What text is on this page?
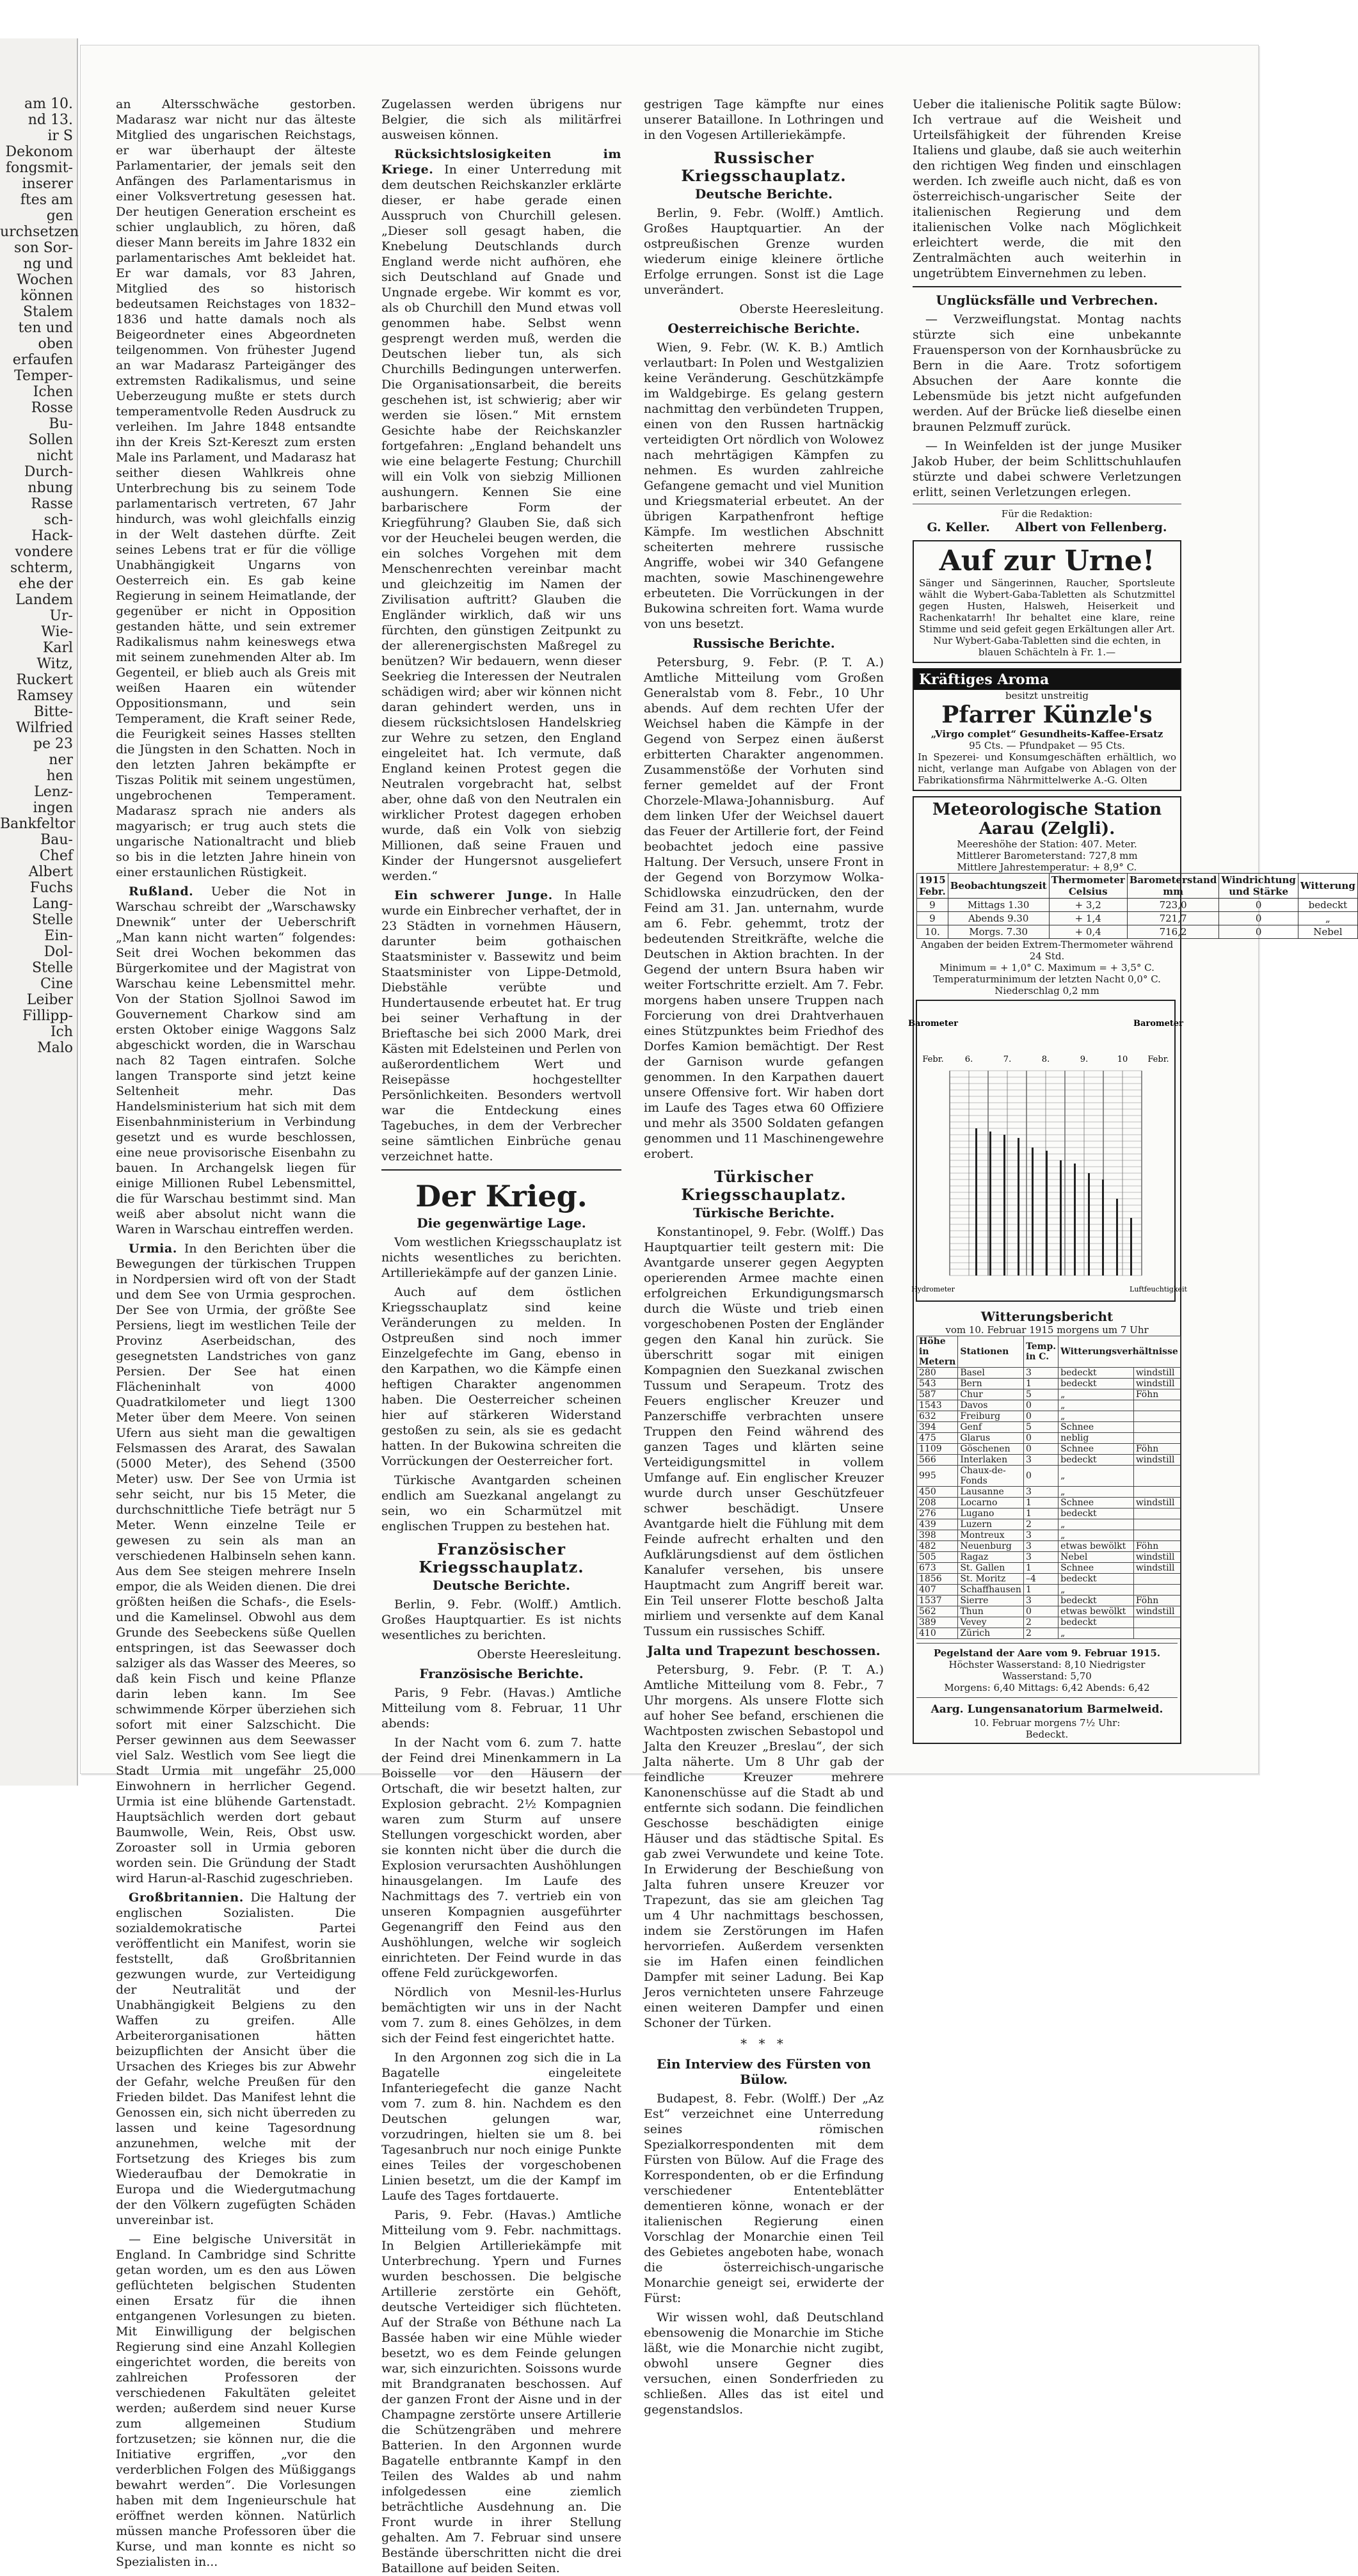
am 10.
nd 13.
ir S
Dekonom
fongsmit-
inserer
ftes am
gen
urchsetzen
son Sor-
ng und
Wochen
können
Stalem
ten und
oben
erfaufen
Temper-
Ichen
Rosse
Bu-
Sollen
nicht
Durch-
nbung
Rasse
sch-
Hack-
vondere
schterm,
ehe der
Landem
Ur-
Wie-
Karl
Witz,
Ruckert
Ramsey
Bitte-
Wilfried
pe 23
ner
hen
Lenz-
ingen
Bankfeltor
Bau-
Chef
Albert
Fuchs
Lang-
Stelle
Ein-
Dol-
Stelle
Cine
Leiber
Fillipp-
Ich
Malo

an Altersschwäche gestorben. Madarasz war nicht nur das älteste Mitglied des ungarischen Reichstags, er war überhaupt der älteste Parlamentarier, der jemals seit den Anfängen des Parlamentarismus in einer Volksvertretung gesessen hat. Der heutigen Generation erscheint es schier unglaublich, zu hören, daß dieser Mann bereits im Jahre 1832 ein parlamentarisches Amt bekleidet hat. Er war damals, vor 83 Jahren, Mitglied des so historisch bedeutsamen Reichstages von 1832–1836 und hatte damals noch als Beigeordneter eines Abgeordneten teilgenommen. Von frühester Jugend an war Madarasz Parteigänger des extremsten Radikalismus, und seine Ueberzeugung mußte er stets durch temperamentvolle Reden Ausdruck zu verleihen. Im Jahre 1848 entsandte ihn der Kreis Szt-Kereszt zum ersten Male ins Parlament, und Madarasz hat seither diesen Wahlkreis ohne Unterbrechung bis zu seinem Tode parlamentarisch vertreten, 67 Jahr hindurch, was wohl gleichfalls einzig in der Welt dastehen dürfte. Zeit seines Lebens trat er für die völlige Unabhängigkeit Ungarns von Oesterreich ein. Es gab keine Regierung in seinem Heimatlande, der gegenüber er nicht in Opposition gestanden hätte, und sein extremer Radikalismus nahm keineswegs etwa mit seinem zunehmenden Alter ab. Im Gegenteil, er blieb auch als Greis mit weißen Haaren ein wütender Oppositionsmann, und sein Temperament, die Kraft seiner Rede, die Feurigkeit seines Hasses stellten die Jüngsten in den Schatten. Noch in den letzten Jahren bekämpfte er Tiszas Politik mit seinem ungestümen, ungebrochenen Temperament. Madarasz sprach nie anders als magyarisch; er trug auch stets die ungarische Nationaltracht und blieb so bis in die letzten Jahre hinein von einer erstaunlichen Rüstigkeit.

Rußland. Ueber die Not in Warschau schreibt der „Warschawsky Dnewnik“ unter der Ueberschrift „Man kann nicht warten“ folgendes: Seit drei Wochen bekommen das Bürgerkomitee und der Magistrat von Warschau keine Lebensmittel mehr. Von der Station Sjollnoi Sawod im Gouvernement Charkow sind am ersten Oktober einige Waggons Salz abgeschickt worden, die in Warschau nach 82 Tagen eintrafen. Solche langen Transporte sind jetzt keine Seltenheit mehr. Das Handelsministerium hat sich mit dem Eisenbahnministerium in Verbindung gesetzt und es wurde beschlossen, eine neue provisorische Eisenbahn zu bauen. In Archangelsk liegen für einige Millionen Rubel Lebensmittel, die für Warschau bestimmt sind. Man weiß aber absolut nicht wann die Waren in Warschau eintreffen werden.

Urmia. In den Berichten über die Bewegungen der türkischen Truppen in Nordpersien wird oft von der Stadt und dem See von Urmia gesprochen. Der See von Urmia, der größte See Persiens, liegt im westlichen Teile der Provinz Aserbeidschan, des gesegnetsten Landstriches von ganz Persien. Der See hat einen Flächeninhalt von 4000 Quadratkilometer und liegt 1300 Meter über dem Meere. Von seinen Ufern aus sieht man die gewaltigen Felsmassen des Ararat, des Sawalan (5000 Meter), des Sehend (3500 Meter) usw. Der See von Urmia ist sehr seicht, nur bis 15 Meter, die durchschnittliche Tiefe beträgt nur 5 Meter. Wenn einzelne Teile er gewesen zu sein als man an verschiedenen Halbinseln sehen kann. Aus dem See steigen mehrere Inseln empor, die als Weiden dienen. Die drei größten heißen die Schafs-, die Esels- und die Kamelinsel. Obwohl aus dem Grunde des Seebeckens süße Quellen entspringen, ist das Seewasser doch salziger als das Wasser des Meeres, so daß kein Fisch und keine Pflanze darin leben kann. Im See schwimmende Körper überziehen sich sofort mit einer Salzschicht. Die Perser gewinnen aus dem Seewasser viel Salz. Westlich vom See liegt die Stadt Urmia mit ungefähr 25,000 Einwohnern in herrlicher Gegend. Urmia ist eine blühende Gartenstadt. Hauptsächlich werden dort gebaut Baumwolle, Wein, Reis, Obst usw. Zoroaster soll in Urmia geboren worden sein. Die Gründung der Stadt wird Harun-al-Raschid zugeschrieben.

Großbritannien. Die Haltung der englischen Sozialisten. Die sozialdemokratische Partei veröffentlicht ein Manifest, worin sie feststellt, daß Großbritannien gezwungen wurde, zur Verteidigung der Neutralität und der Unabhängigkeit Belgiens zu den Waffen zu greifen. Alle Arbeiterorganisationen hätten beizupflichten der Ansicht über die Ursachen des Krieges bis zur Abwehr der Gefahr, welche Preußen für den Frieden bildet. Das Manifest lehnt die Genossen ein, sich nicht überreden zu lassen und keine Tagesordnung anzunehmen, welche mit der Fortsetzung des Krieges bis zum Wiederaufbau der Demokratie in Europa und die Wiedergutmachung der den Völkern zugefügten Schäden unvereinbar ist.

— Eine belgische Universität in England. In Cambridge sind Schritte getan worden, um es den aus Löwen geflüchteten belgischen Studenten einen Ersatz für die ihnen entgangenen Vorlesungen zu bieten. Mit Einwilligung der belgischen Regierung sind eine Anzahl Kollegien eingerichtet worden, die bereits von zahlreichen Professoren der verschiedenen Fakultäten geleitet werden; außerdem sind neuer Kurse zum allgemeinen Studium fortzusetzen; sie können nur, die die Initiative ergriffen, „vor den verderblichen Folgen des Müßiggangs bewahrt werden“. Die Vorlesungen haben mit dem Ingenieurschule hat eröffnet werden können. Natürlich müssen manche Professoren über die Kurse, und man konnte es nicht so Spezialisten in...

Zugelassen werden übrigens nur Belgier, die sich als militärfrei ausweisen können.

Rücksichtslosigkeiten im Kriege. In einer Unterredung mit dem deutschen Reichskanzler erklärte dieser, er habe gerade einen Ausspruch von Churchill gelesen. „Dieser soll gesagt haben, die Knebelung Deutschlands durch England werde nicht aufhören, ehe sich Deutschland auf Gnade und Ungnade ergebe. Wir kommt es vor, als ob Churchill den Mund etwas voll genommen habe. Selbst wenn gesprengt werden muß, werden die Deutschen lieber tun, als sich Churchills Bedingungen unterwerfen. Die Organisationsarbeit, die bereits geschehen ist, ist schwierig; aber wir werden sie lösen.“ Mit ernstem Gesichte habe der Reichskanzler fortgefahren: „England behandelt uns wie eine belagerte Festung; Churchill will ein Volk von siebzig Millionen aushungern. Kennen Sie eine barbarischere Form der Kriegführung? Glauben Sie, daß sich vor der Heuchelei beugen werden, die ein solches Vorgehen mit dem Menschenrechten vereinbar macht und gleichzeitig im Namen der Zivilisation auftritt? Glauben die Engländer wirklich, daß wir uns fürchten, den günstigen Zeitpunkt zu der allerenergischsten Maßregel zu benützen? Wir bedauern, wenn dieser Seekrieg die Interessen der Neutralen schädigen wird; aber wir können nicht daran gehindert werden, uns in diesem rücksichtslosen Handelskrieg zur Wehre zu setzen, den England eingeleitet hat. Ich vermute, daß England keinen Protest gegen die Neutralen vorgebracht hat, selbst aber, ohne daß von den Neutralen ein wirklicher Protest dagegen erhoben wurde, daß ein Volk von siebzig Millionen, daß seine Frauen und Kinder der Hungersnot ausgeliefert werden.“

Ein schwerer Junge. In Halle wurde ein Einbrecher verhaftet, der in 23 Städten in vornehmen Häusern, darunter beim gothaischen Staatsminister v. Bassewitz und beim Staatsminister von Lippe-Detmold, Diebstähle verübte und Hundertausende erbeutet hat. Er trug bei seiner Verhaftung in der Brieftasche bei sich 2000 Mark, drei Kästen mit Edelsteinen und Perlen von außerordentlichem Wert und Reisepässe hochgestellter Persönlichkeiten. Besonders wertvoll war die Entdeckung eines Tagebuches, in dem der Verbrecher seine sämtlichen Einbrüche genau verzeichnet hatte.

Der Krieg.
Die gegenwärtige Lage.

Vom westlichen Kriegsschauplatz ist nichts wesentliches zu berichten. Artilleriekämpfe auf der ganzen Linie.

Auch auf dem östlichen Kriegsschauplatz sind keine Veränderungen zu melden. In Ostpreußen sind noch immer Einzelgefechte im Gang, ebenso in den Karpathen, wo die Kämpfe einen heftigen Charakter angenommen haben. Die Oesterreicher scheinen hier auf stärkeren Widerstand gestoßen zu sein, als sie es gedacht hatten. In der Bukowina schreiten die Vorrückungen der Oesterreicher fort.

Türkische Avantgarden scheinen endlich am Suezkanal angelangt zu sein, wo ein Scharmützel mit englischen Truppen zu bestehen hat.

Französischer Kriegsschauplatz.
Deutsche Berichte.

Berlin, 9. Febr. (Wolff.) Amtlich. Großes Hauptquartier. Es ist nichts wesentliches zu berichten.

Oberste Heeresleitung.

Französische Berichte.

Paris, 9 Febr. (Havas.) Amtliche Mitteilung vom 8. Februar, 11 Uhr abends:

In der Nacht vom 6. zum 7. hatte der Feind drei Minenkammern in La Boisselle vor den Häusern der Ortschaft, die wir besetzt halten, zur Explosion gebracht. 2½ Kompagnien waren zum Sturm auf unsere Stellungen vorgeschickt worden, aber sie konnten nicht über die durch die Explosion verursachten Aushöhlungen hinausgelangen. Im Laufe des Nachmittags des 7. vertrieb ein von unseren Kompagnien ausgeführter Gegenangriff den Feind aus den Aushöhlungen, welche wir sogleich einrichteten. Der Feind wurde in das offene Feld zurückgeworfen.

Nördlich von Mesnil-les-Hurlus bemächtigten wir uns in der Nacht vom 7. zum 8. eines Gehölzes, in dem sich der Feind fest eingerichtet hatte.

In den Argonnen zog sich die in La Bagatelle eingeleitete Infanteriegefecht die ganze Nacht vom 7. zum 8. hin. Nachdem es den Deutschen gelungen war, vorzudringen, hielten sie um 8. bei Tagesanbruch nur noch einige Punkte eines Teiles der vorgeschobenen Linien besetzt, um die der Kampf im Laufe des Tages fortdauerte.

Paris, 9. Febr. (Havas.) Amtliche Mitteilung vom 9. Febr. nachmittags. In Belgien Artilleriekämpfe mit Unterbrechung. Ypern und Furnes wurden beschossen. Die belgische Artillerie zerstörte ein Gehöft, deutsche Verteidiger sich flüchteten. Auf der Straße von Béthune nach La Bassée haben wir eine Mühle wieder besetzt, wo es dem Feinde gelungen war, sich einzurichten. Soissons wurde mit Brandgranaten beschossen. Auf der ganzen Front der Aisne und in der Champagne zerstörte unsere Artillerie die Schützengräben und mehrere Batterien. In den Argonnen wurde Bagatelle entbrannte Kampf in den Teilen des Waldes ab und nahm infolgedessen eine ziemlich beträchtliche Ausdehnung an. Die Front wurde in ihrer Stellung gehalten. Am 7. Februar sind unsere Bestände überschritten nicht die drei Bataillone auf beiden Seiten.

gestrigen Tage kämpfte nur eines unserer Bataillone. In Lothringen und in den Vogesen Artilleriekämpfe.

Russischer Kriegsschauplatz.
Deutsche Berichte.

Berlin, 9. Febr. (Wolff.) Amtlich. Großes Hauptquartier. An der ostpreußischen Grenze wurden wiederum einige kleinere örtliche Erfolge errungen. Sonst ist die Lage unverändert.

Oberste Heeresleitung.

Oesterreichische Berichte.

Wien, 9. Febr. (W. K. B.) Amtlich verlautbart: In Polen und Westgalizien keine Veränderung. Geschützkämpfe im Waldgebirge. Es gelang gestern nachmittag den verbündeten Truppen, einen von den Russen hartnäckig verteidigten Ort nördlich von Wolowez nach mehrtägigen Kämpfen zu nehmen. Es wurden zahlreiche Gefangene gemacht und viel Munition und Kriegsmaterial erbeutet. An der übrigen Karpathenfront heftige Kämpfe. Im westlichen Abschnitt scheiterten mehrere russische Angriffe, wobei wir 340 Gefangene machten, sowie Maschinengewehre erbeuteten. Die Vorrückungen in der Bukowina schreiten fort. Wama wurde von uns besetzt.

Russische Berichte.

Petersburg, 9. Febr. (P. T. A.) Amtliche Mitteilung vom Großen Generalstab vom 8. Febr., 10 Uhr abends. Auf dem rechten Ufer der Weichsel haben die Kämpfe in der Gegend von Serpez einen äußerst erbitterten Charakter angenommen. Zusammenstöße der Vorhuten sind ferner gemeldet auf der Front Chorzele-Mlawa-Johannisburg. Auf dem linken Ufer der Weichsel dauert das Feuer der Artillerie fort, der Feind beobachtet jedoch eine passive Haltung. Der Versuch, unsere Front in der Gegend von Borzymow Wolka-Schidlowska einzudrücken, den der Feind am 31. Jan. unternahm, wurde am 6. Febr. gehemmt, trotz der bedeutenden Streitkräfte, welche die Deutschen in Aktion brachten. In der Gegend der untern Bsura haben wir weiter Fortschritte erzielt. Am 7. Febr. morgens haben unsere Truppen nach Forcierung von drei Drahtverhauen eines Stützpunktes beim Friedhof des Dorfes Kamion bemächtigt. Der Rest der Garnison wurde gefangen genommen. In den Karpathen dauert unsere Offensive fort. Wir haben dort im Laufe des Tages etwa 60 Offiziere und mehr als 3500 Soldaten gefangen genommen und 11 Maschinengewehre erobert.

Türkischer Kriegsschauplatz.
Türkische Berichte.

Konstantinopel, 9. Febr. (Wolff.) Das Hauptquartier teilt gestern mit: Die Avantgarde unserer gegen Aegypten operierenden Armee machte einen erfolgreichen Erkundigungsmarsch durch die Wüste und trieb einen vorgeschobenen Posten der Engländer gegen den Kanal hin zurück. Sie überschritt sogar mit einigen Kompagnien den Suezkanal zwischen Tussum und Serapeum. Trotz des Feuers englischer Kreuzer und Panzerschiffe verbrachten unsere Truppen den Feind während des ganzen Tages und klärten seine Verteidigungsmittel in vollem Umfange auf. Ein englischer Kreuzer wurde durch unser Geschützfeuer schwer beschädigt. Unsere Avantgarde hielt die Fühlung mit dem Feinde aufrecht erhalten und den Aufklärungsdienst auf dem östlichen Kanalufer versehen, bis unsere Hauptmacht zum Angriff bereit war. Ein Teil unserer Flotte beschoß Jalta mirliem und versenkte auf dem Kanal Tussum ein russisches Schiff.

Jalta und Trapezunt beschossen.

Petersburg, 9. Febr. (P. T. A.) Amtliche Mitteilung vom 8. Febr., 7 Uhr morgens. Als unsere Flotte sich auf hoher See befand, erschienen die Wachtposten zwischen Sebastopol und Jalta den Kreuzer „Breslau“, der sich Jalta näherte. Um 8 Uhr gab der feindliche Kreuzer mehrere Kanonenschüsse auf die Stadt ab und entfernte sich sodann. Die feindlichen Geschosse beschädigten einige Häuser und das städtische Spital. Es gab zwei Verwundete und keine Tote. In Erwiderung der Beschießung von Jalta fuhren unsere Kreuzer vor Trapezunt, das sie am gleichen Tag um 4 Uhr nachmittags beschossen, indem sie Zerstörungen im Hafen hervorriefen. Außerdem versenkten sie im Hafen einen feindlichen Dampfer mit seiner Ladung. Bei Kap Jeros vernichteten unsere Fahrzeuge einen weiteren Dampfer und einen Schoner der Türken.

* * *
Ein Interview des Fürsten von Bülow.

Budapest, 8. Febr. (Wolff.) Der „Az Est“ verzeichnet eine Unterredung seines römischen Spezialkorrespondenten mit dem Fürsten von Bülow. Auf die Frage des Korrespondenten, ob er die Erfindung verschiedener Ententeblätter dementieren könne, wonach er der italienischen Regierung einen Vorschlag der Monarchie einen Teil des Gebietes angeboten habe, wonach die österreichisch-ungarische Monarchie geneigt sei, erwiderte der Fürst:

Wir wissen wohl, daß Deutschland ebensowenig die Monarchie im Stiche läßt, wie die Monarchie nicht zugibt, obwohl unsere Gegner dies versuchen, einen Sonderfrieden zu schließen. Alles das ist eitel und gegenstandslos.

Ueber die italienische Politik sagte Bülow: Ich vertraue auf die Weisheit und Urteilsfähigkeit der führenden Kreise Italiens und glaube, daß sie auch weiterhin den richtigen Weg finden und einschlagen werden. Ich zweifle auch nicht, daß es von österreichisch-ungarischer Seite der italienischen Regierung und dem italienischen Volke nach Möglichkeit erleichtert werde, die mit den Zentralmächten auch weiterhin in ungetrübtem Einvernehmen zu leben.

Unglücksfälle und Verbrechen.

— Verzweiflungstat. Montag nachts stürzte sich eine unbekannte Frauensperson von der Kornhausbrücke zu Bern in die Aare. Trotz sofortigem Absuchen der Aare konnte die Lebensmüde bis jetzt nicht aufgefunden werden. Auf der Brücke ließ dieselbe einen braunen Pelzmuff zurück.

— In Weinfelden ist der junge Musiker Jakob Huber, der beim Schlittschuhlaufen stürzte und dabei schwere Verletzungen erlitt, seinen Verletzungen erlegen.

Für die Redaktion:
G. Keller.      Albert von Fellenberg.
Auf zur Urne!
Sänger und Sängerinnen, Raucher, Sportsleute wählt die Wybert-Gaba-Tabletten als Schutzmittel gegen Husten, Halsweh, Heiserkeit und Rachenkatarrh! Ihr behaltet eine klare, reine Stimme und seid gefeit gegen Erkältungen aller Art.
Nur Wybert-Gaba-Tabletten sind die echten, in blauen Schächteln à Fr. 1.—
Kräftiges Aroma
besitzt unstreitig
Pfarrer Künzle's
„Virgo complet“ Gesundheits-Kaffee-Ersatz
95 Cts. — Pfundpaket — 95 Cts.
In Spezerei- und Konsumgeschäften erhältlich, wo nicht, verlange man Aufgabe von Ablagen von der Fabrikationsfirma Nährmittelwerke A.-G. Olten
Meteorologische Station Aarau (Zelgli).
Meereshöhe der Station: 407. Meter.
Mittlerer Barometerstand: 727,8 mm
Mittlere Jahrestemperatur: + 8,9° C.
1915 Febr.	Beobachtungszeit	Thermometer Celsius	Barometerstand mm	Windrichtung und Stärke	Witterung
9	Mittags 1.30	+ 3,2	723,0	0	bedeckt
9	Abends 9.30	+ 1,4	721,7	0	„
10.	Morgs. 7.30	+ 0,4	716,2	0	Nebel
Angaben der beiden Extrem-Thermometer während 24 Std.
Minimum = + 1,0° C. Maximum = + 3,5° C.
Temperaturminimum der letzten Nacht 0,0° C.
Niederschlag 0,2 mm
Barometer	Barometer
Febr.	Febr.
6.	7.	8.	9.	10
Hydrometer	Luftfeuchtigkeit
Witterungsbericht
vom 10. Februar 1915 morgens um 7 Uhr
Höhe in Metern	Stationen	Temp. in C.	Witterungsverhältnisse	
280	Basel	3	bedeckt	windstill
543	Bern	1	bedeckt	windstill
587	Chur	5	„	Föhn
1543	Davos	0	„	
632	Freiburg	0	„	
394	Genf	5	Schnee	
475	Glarus	0	neblig	
1109	Göschenen	0	Schnee	Föhn
566	Interlaken	3	bedeckt	windstill
995	Chaux-de-Fonds	0	„	
450	Lausanne	3	„	
208	Locarno	1	Schnee	windstill
276	Lugano	1	bedeckt	
439	Luzern	2	„	
398	Montreux	3	„	
482	Neuenburg	3	etwas bewölkt	Föhn
505	Ragaz	3	Nebel	windstill
673	St. Gallen	1	Schnee	windstill
1856	St. Moritz	–4	bedeckt	
407	Schaffhausen	1	„	
1537	Sierre	3	bedeckt	Föhn
562	Thun	0	etwas bewölkt	windstill
389	Vevey	2	bedeckt	
410	Zürich	2	„	
Pegelstand der Aare vom 9. Februar 1915.
Höchster Wasserstand: 8,10 Niedrigster Wasserstand: 5,70
Morgens: 6,40 Mittags: 6,42 Abends: 6,42
Aarg. Lungensanatorium Barmelweid.
10. Februar morgens 7½ Uhr:
Bedeckt.
